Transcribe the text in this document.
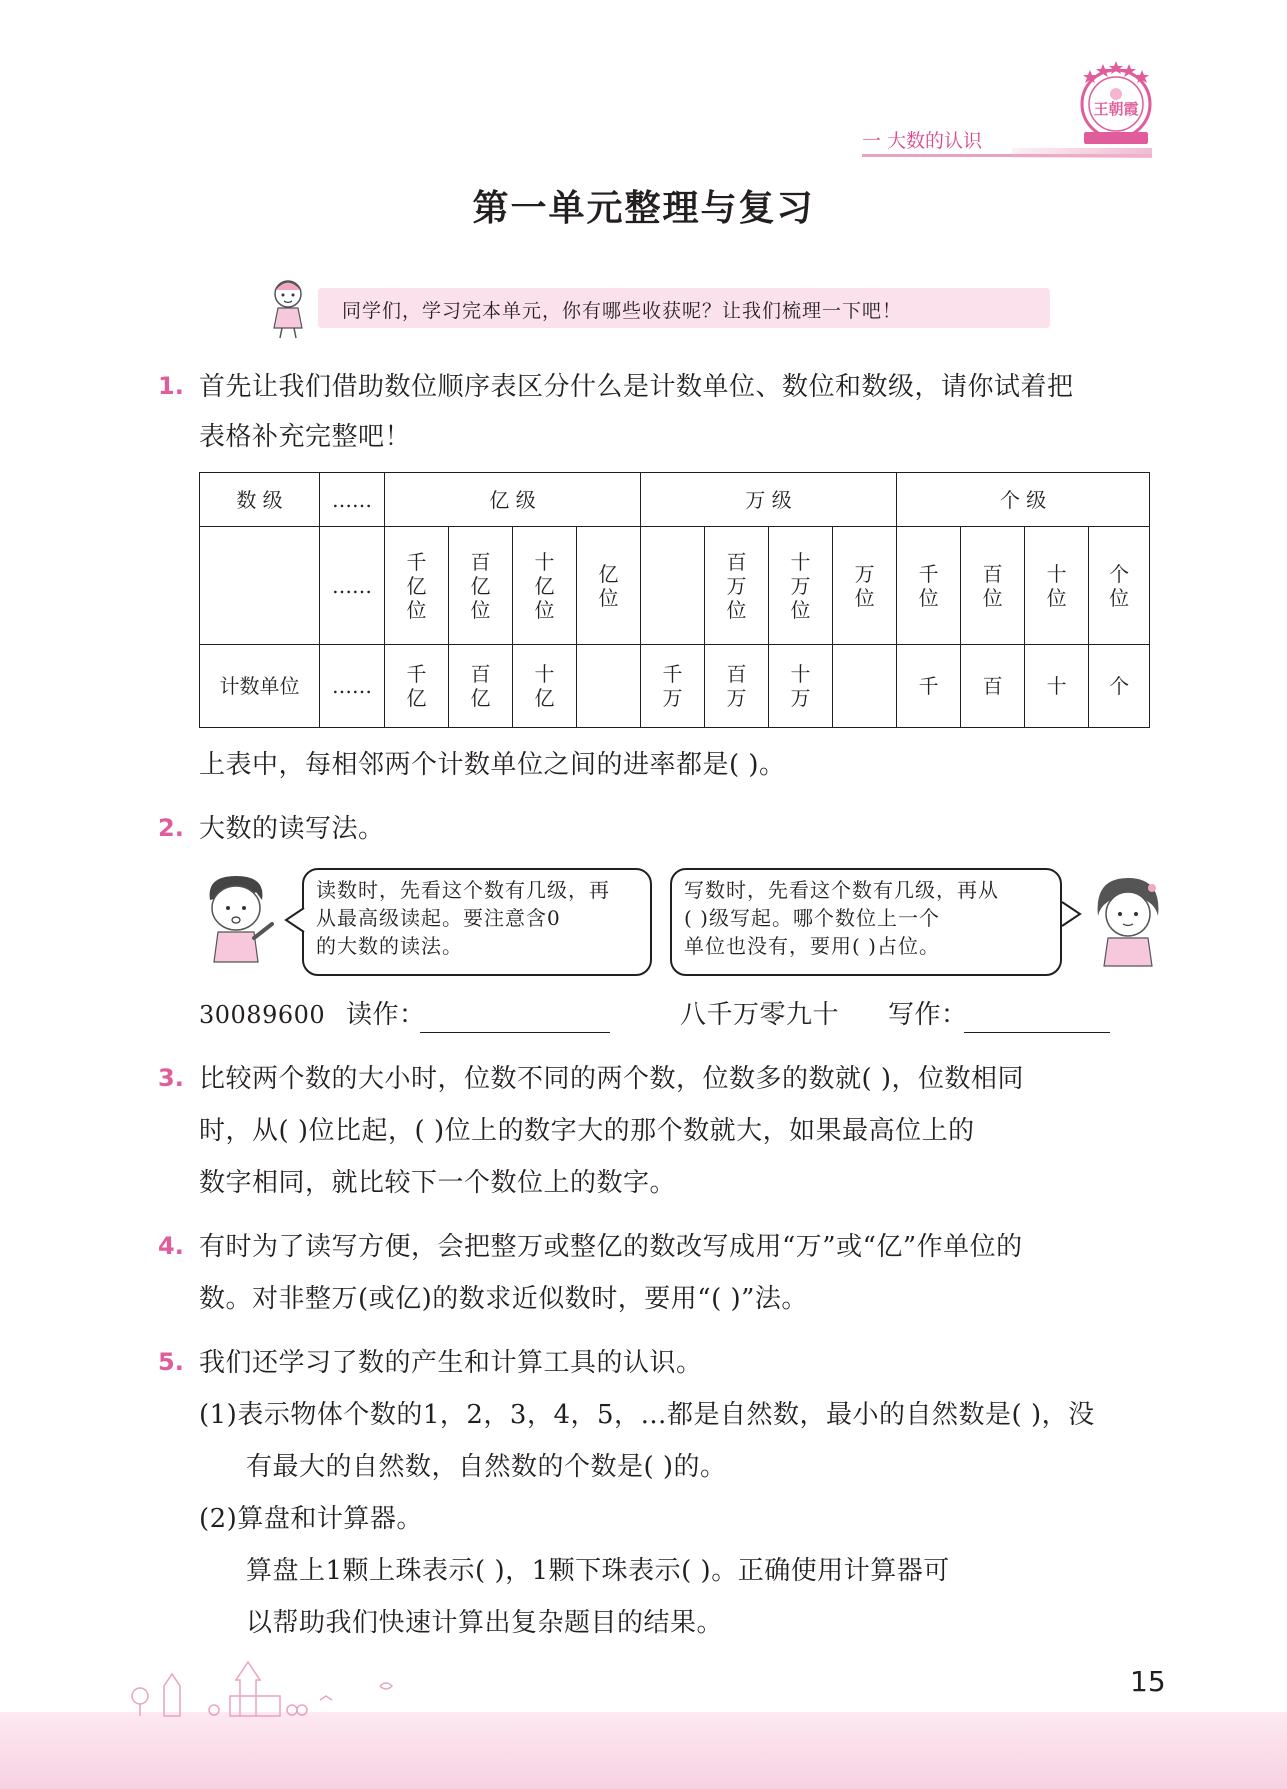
一 大数的认识
王朝霞
第一单元整理与复习
同学们，学习完本单元，你有哪些收获呢？让我们梳理一下吧！
1. 首先让我们借助数位顺序表区分什么是计数单位、数位和数级，请你试着把
表格补充完整吧！
数 级	……	亿 级				万 级				个 级			
	……	千亿位	百亿位	十亿位	亿位		百万位	十万位	万位	千位	百位	十位	个位
计数单位	……	千亿	百亿	十亿		千万	百万	十万		千	百	十	个
上表中，每相邻两个计数单位之间的进率都是( )。
2. 大数的读写法。
读数时，先看这个数有几级，再
从最高级读起。要注意含0
的大数的读法。
写数时，先看这个数有几级，再从
( )级写起。哪个数位上一个
单位也没有，要用( )占位。
30089600 读作：	八千万零九十 写作：
3. 比较两个数的大小时，位数不同的两个数，位数多的数就( )，位数相同
时，从( )位比起，( )位上的数字大的那个数就大，如果最高位上的
数字相同，就比较下一个数位上的数字。
4. 有时为了读写方便，会把整万或整亿的数改写成用“万”或“亿”作单位的
数。对非整万(或亿)的数求近似数时，要用“( )”法。
5. 我们还学习了数的产生和计算工具的认识。
(1)表示物体个数的1，2，3，4，5，…都是自然数，最小的自然数是( )，没
有最大的自然数，自然数的个数是( )的。
(2)算盘和计算器。
算盘上1颗上珠表示( )，1颗下珠表示( )。正确使用计算器可
以帮助我们快速计算出复杂题目的结果。
15
